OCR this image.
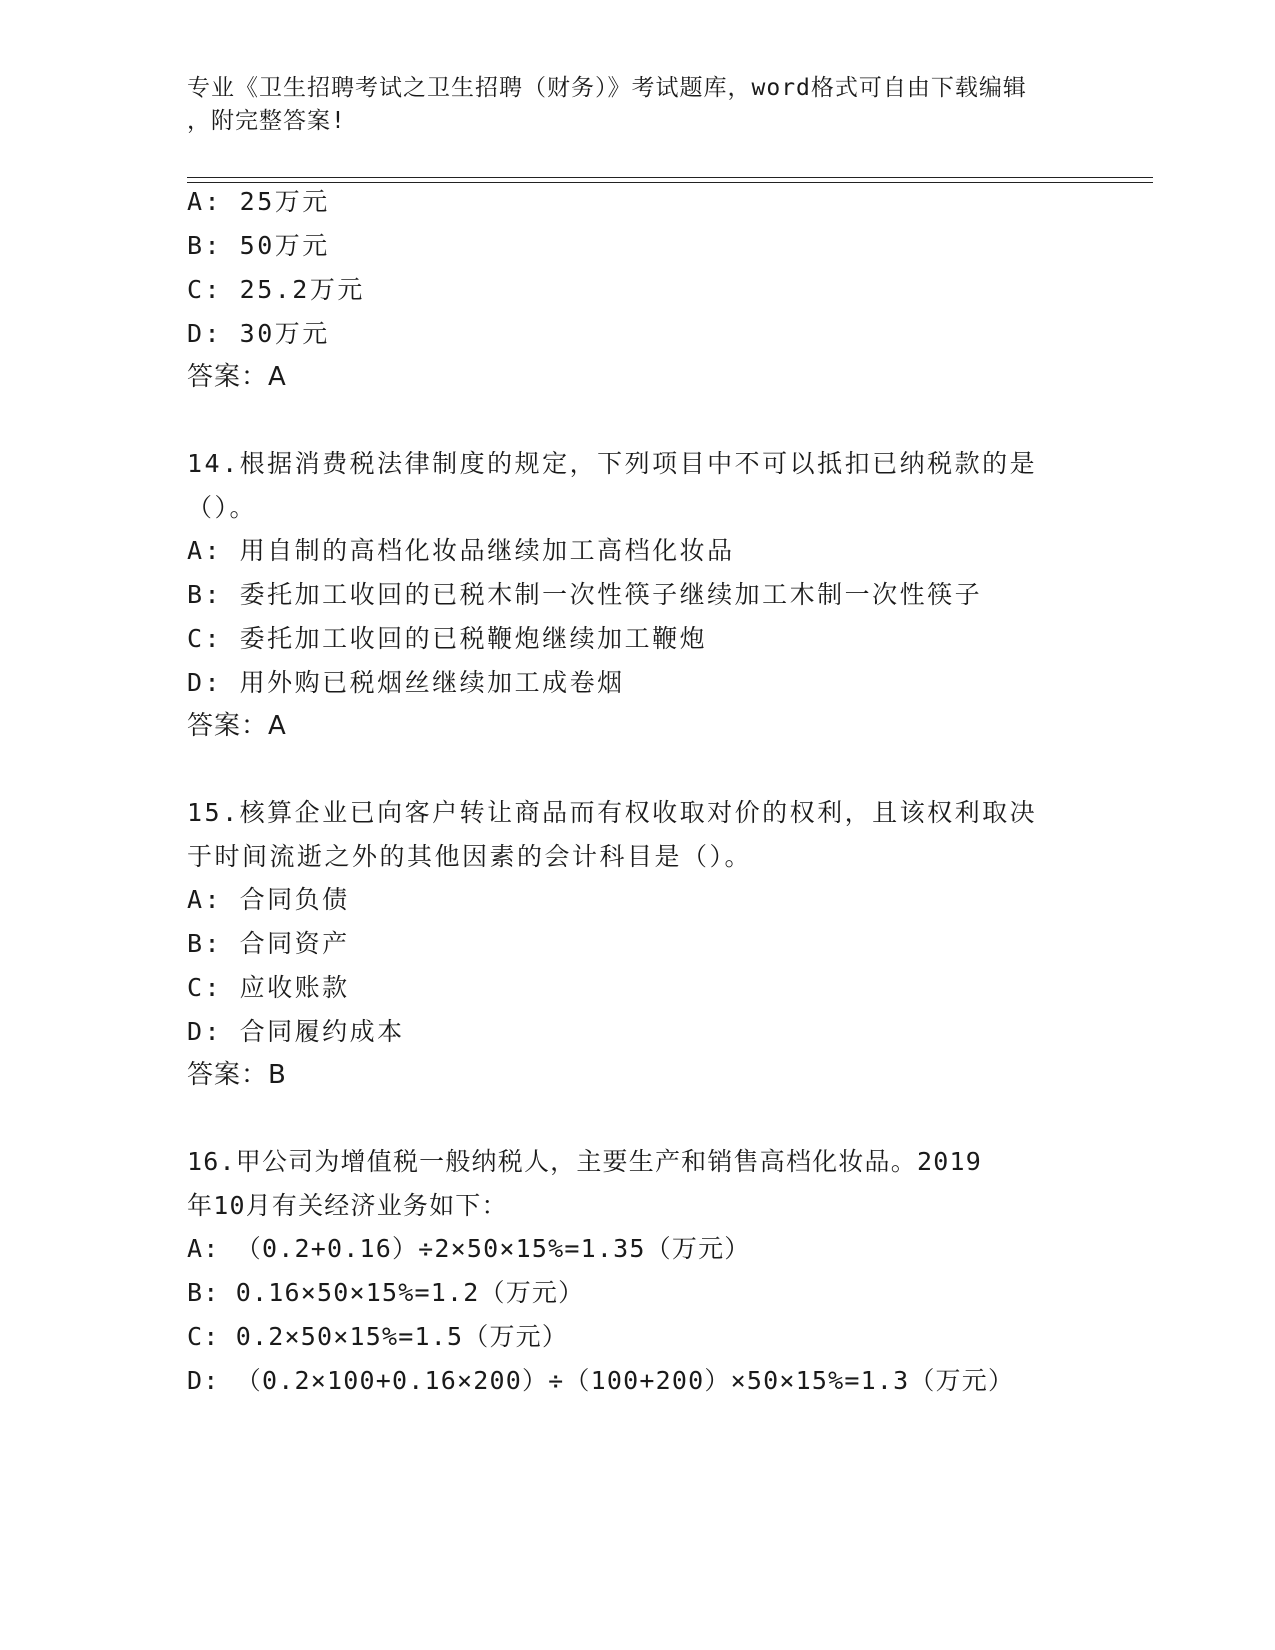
专业《卫生招聘考试之卫生招聘（财务）》考试题库，word格式可自由下载编辑
，附完整答案!
A: 25万元
B: 50万元
C: 25.2万元
D: 30万元
答案：A
14.根据消费税法律制度的规定，下列项目中不可以抵扣已纳税款的是
（）。
A: 用自制的高档化妆品继续加工高档化妆品
B: 委托加工收回的已税木制一次性筷子继续加工木制一次性筷子
C: 委托加工收回的已税鞭炮继续加工鞭炮
D: 用外购已税烟丝继续加工成卷烟
答案：A
15.核算企业已向客户转让商品而有权收取对价的权利，且该权利取决
于时间流逝之外的其他因素的会计科目是（）。
A: 合同负债
B: 合同资产
C: 应收账款
D: 合同履约成本
答案：B
16.甲公司为增值税一般纳税人，主要生产和销售高档化妆品。2019
年10月有关经济业务如下：
A: （0.2+0.16）÷2×50×15%=1.35（万元）
B: 0.16×50×15%=1.2（万元）
C: 0.2×50×15%=1.5（万元）
D: （0.2×100+0.16×200）÷（100+200）×50×15%=1.3（万元）
